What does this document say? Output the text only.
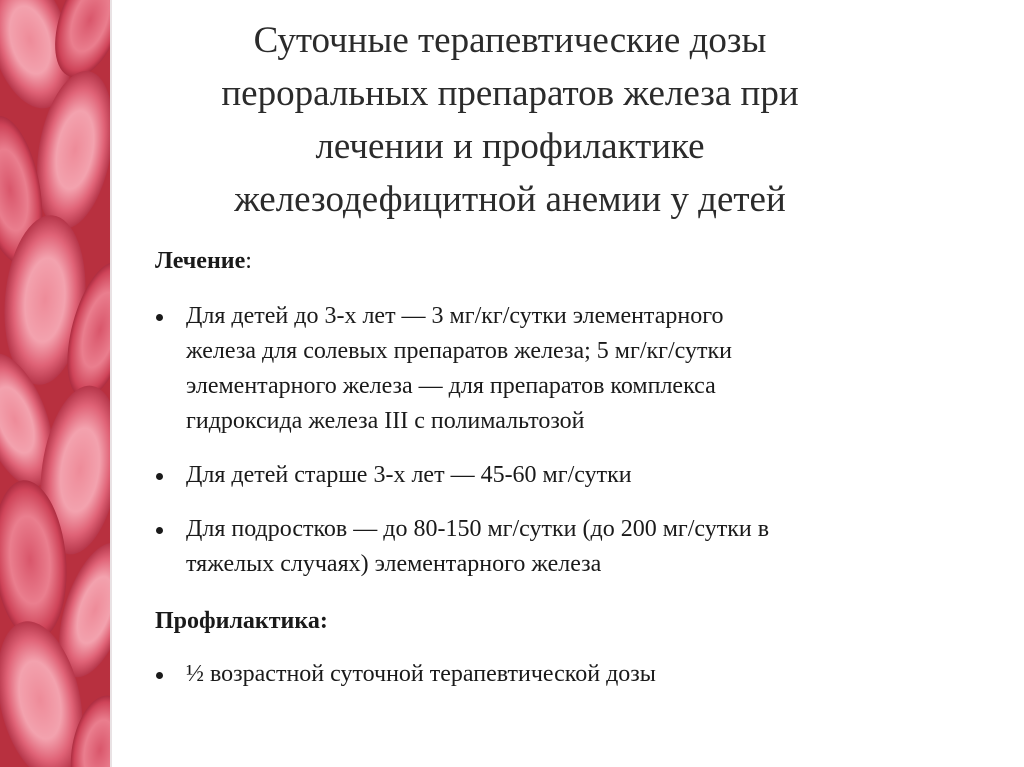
Суточные терапевтические дозы
пероральных препаратов железа при
лечении и профилактике
железодефицитной анемии у детей

Лечение:

Для детей до 3-х лет — 3 мг/кг/сутки элементарного
железа для солевых препаратов железа; 5 мг/кг/сутки
элементарного железа — для препаратов комплекса
гидроксида железа III с полимальтозой
Для детей старше 3-х лет — 45-60 мг/сутки
Для подростков — до 80-150 мг/сутки (до 200 мг/сутки в
тяжелых случаях) элементарного железа

Профилактика:

½ возрастной суточной терапевтической дозы
